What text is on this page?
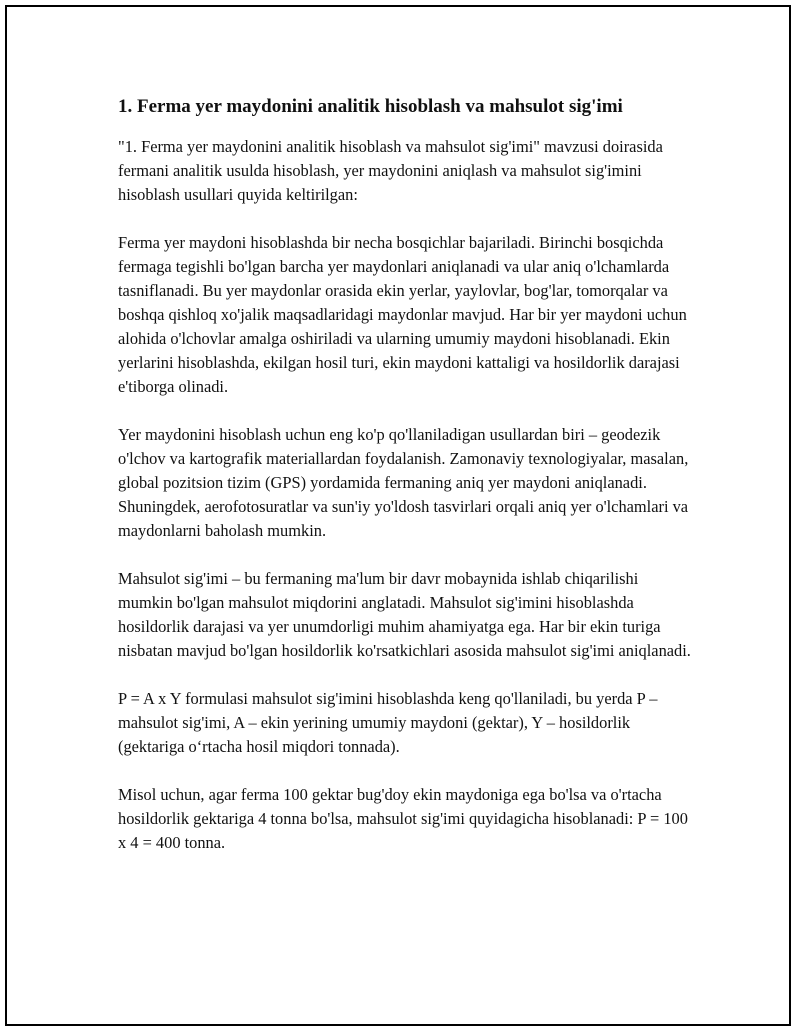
1. Ferma yer maydonini analitik hisoblash va mahsulot sig'imi

"1. Ferma yer maydonini analitik hisoblash va mahsulot sig'imi" mavzusi doirasida fermani analitik usulda hisoblash, yer maydonini aniqlash va mahsulot sig'imini hisoblash usullari quyida keltirilgan:

Ferma yer maydoni hisoblashda bir necha bosqichlar bajariladi. Birinchi bosqichda fermaga tegishli bo'lgan barcha yer maydonlari aniqlanadi va ular aniq o'lchamlarda tasniflanadi. Bu yer maydonlar orasida ekin yerlar, yaylovlar, bog'lar, tomorqalar va boshqa qishloq xo'jalik maqsadlaridagi maydonlar mavjud. Har bir yer maydoni uchun alohida o'lchovlar amalga oshiriladi va ularning umumiy maydoni hisoblanadi. Ekin yerlarini hisoblashda, ekilgan hosil turi, ekin maydoni kattaligi va hosildorlik darajasi e'tiborga olinadi.

Yer maydonini hisoblash uchun eng ko'p qo'llaniladigan usullardan biri – geodezik o'lchov va kartografik materiallardan foydalanish. Zamonaviy texnologiyalar, masalan, global pozitsion tizim (GPS) yordamida fermaning aniq yer maydoni aniqlanadi. Shuningdek, aerofotosuratlar va sun'iy yo'ldosh tasvirlari orqali aniq yer o'lchamlari va maydonlarni baholash mumkin.

Mahsulot sig'imi – bu fermaning ma'lum bir davr mobaynida ishlab chiqarilishi mumkin bo'lgan mahsulot miqdorini anglatadi. Mahsulot sig'imini hisoblashda hosildorlik darajasi va yer unumdorligi muhim ahamiyatga ega. Har bir ekin turiga nisbatan mavjud bo'lgan hosildorlik ko'rsatkichlari asosida mahsulot sig'imi aniqlanadi.

P = A x Y formulasi mahsulot sig'imini hisoblashda keng qo'llaniladi, bu yerda P – mahsulot sig'imi, A – ekin yerining umumiy maydoni (gektar), Y – hosildorlik (gektariga o‘rtacha hosil miqdori tonnada).

Misol uchun, agar ferma 100 gektar bug'doy ekin maydoniga ega bo'lsa va o'rtacha hosildorlik gektariga 4 tonna bo'lsa, mahsulot sig'imi quyidagicha hisoblanadi: P = 100 x 4 = 400 tonna.
